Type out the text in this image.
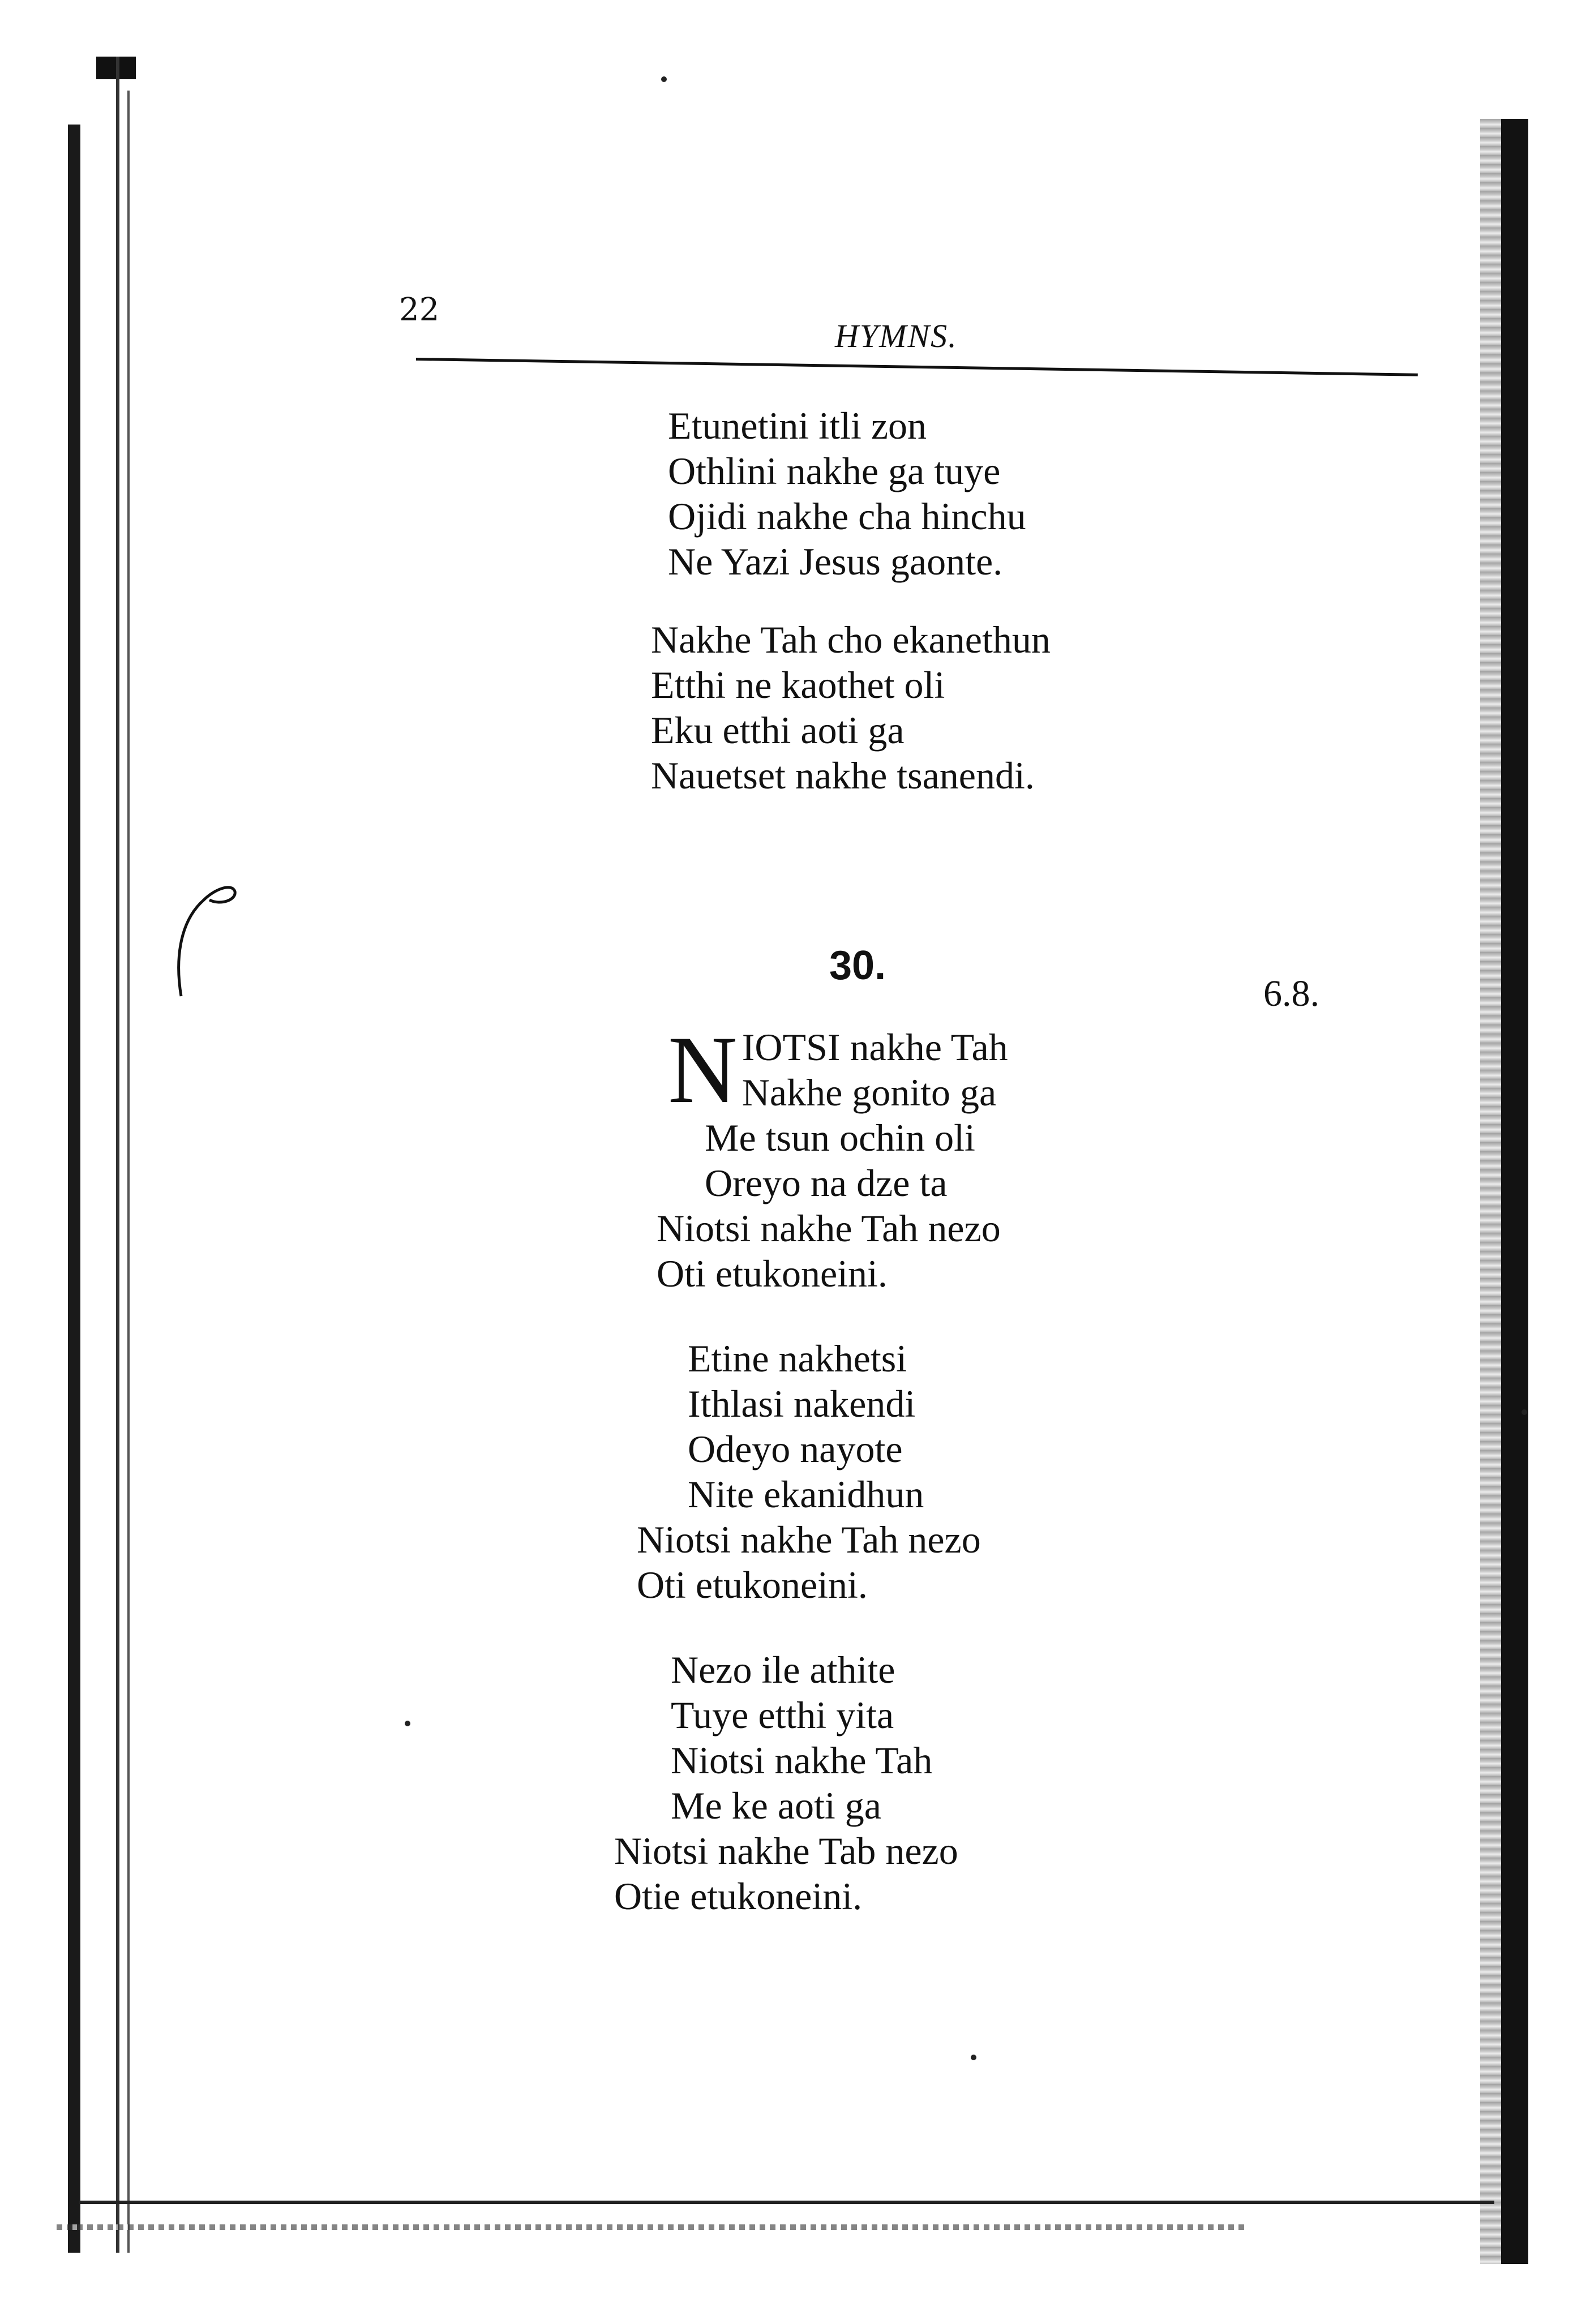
22
HYMNS.
Etunetini itli zon
Othlini nakhe ga tuye
Ojidi nakhe cha hinchu
Ne Yazi Jesus gaonte.
Nakhe Tah cho ekanethun
Etthi ne kaothet oli
Eku etthi aoti ga
Nauetset nakhe tsanendi.
30.
6.8.
N IOTSI nakhe Tah
Nakhe gonito ga
Me tsun ochin oli
Oreyo na dze ta
Niotsi nakhe Tah nezo
Oti etukoneini.
Etine nakhetsi
Ithlasi nakendi
Odeyo nayote
Nite ekanidhun
Niotsi nakhe Tah nezo
Oti etukoneini.
Nezo ile athite
Tuye etthi yita
Niotsi nakhe Tah
Me ke aoti ga
Niotsi nakhe Tab nezo
Otie etukoneini.
